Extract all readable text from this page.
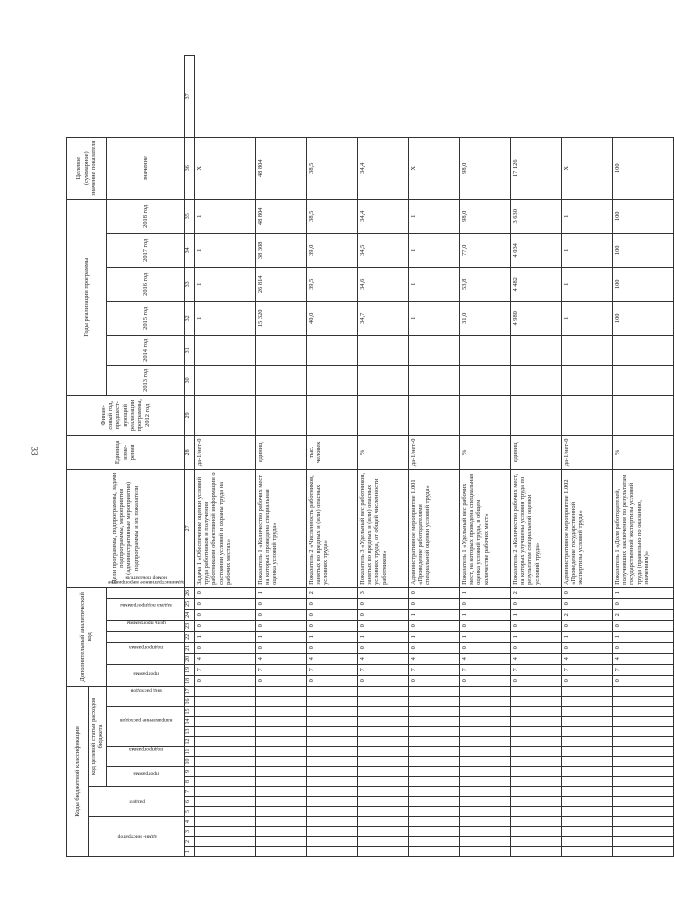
33
Коды бюджетной классификации																	Дополнительный аналитический код									Цели программы, подпрограммы, задачи подпрограммы, мероприятия (административные мероприятия) подпрограммы и их показатели	Единица изме- рения	Финан- совый год, предшест- вующий реализации программы, 2012 год	Годы реализации программы						Целевое (суммарное) значение показателя	
адми- нистратор				раздел			код целевой статьи расходов бюджета																													
							программа		подпрограмма		направление расходов				вид расходов		программа		подпрограмма		цель программы	задача подпрограммы	административное мероприятие		номер показателя				2013 год	2014 год	2015 год	2016 год	2017 год	2018 год	значение	
1	2	3	4	5	6	7	8	9	10	11	12	13	14	15	16	17	18	19	20	21	22	23	24	25	26	27	28	29	30	31	32	33	34	35	36	37
																	0	7	4	0	1	0	0	0	0	Задача 1 «Обеспечение оценки условий труда работников и получения работниками объективной информации о состоянии условий и охраны труда на рабочих местах»	да-1/нет-0				1	1	1	1	Х	
																	0	7	4	0	1	0	0	0	1	Показатель 1 «Количество рабочих мест на которых проведена специальная оценка условий труда»	единиц				15 320	26 814	38 308	48 804	48 804	
																	0	7	4	0	1	0	0	0	2	Показатель 2 «Численность работников, занятых во вредных и (или) опасных условиях труда»	тыс. человек				40,0	39,5	39,0	38,5	38,5	
																	0	7	4	0	1	0	0	0	3	Показатель 3 «Удельный вес работников, занятых во вредных и (или) опасных условиях труда, от общей численности работников»	%				34,7	34,6	34,5	34,4	34,4	
																	0	7	4	0	1	0	1	0	0	Административное мероприятие 1.001 «Проведение работодателями специальной оценки условий труда»	да-1/нет-0				1	1	1	1	Х	
																	0	7	4	0	1	0	1	0	1	Показатель 1 «Удельный вес рабочих мест, на которых проведена специальная оценка условий труда, в общем количестве рабочих мест»	%				31,0	53,8	77,0	98,0	98,0	
																	0	7	4	0	1	0	1	0	2	Показатель 2 «Количество рабочих мест, на которых улучшены условия труда по результатам специальной оценки условий труда»	единиц				4 980	4 482	4 034	3 630	17 126	
																	0	7	4	0	1	0	2	0	0	Административное мероприятие 1.002 «Проведение государственной экспертизы условий труда»	да-1/нет-0				1	1	1	1	Х	
																	0	7	4	0	1	0	2	0	1	Показатель 1 «Доля работодателей, получивших заключения по результатам государственной экспертизы условий труда (правильно по оказанию, значениям)»	%				100	100	100	100	100	
